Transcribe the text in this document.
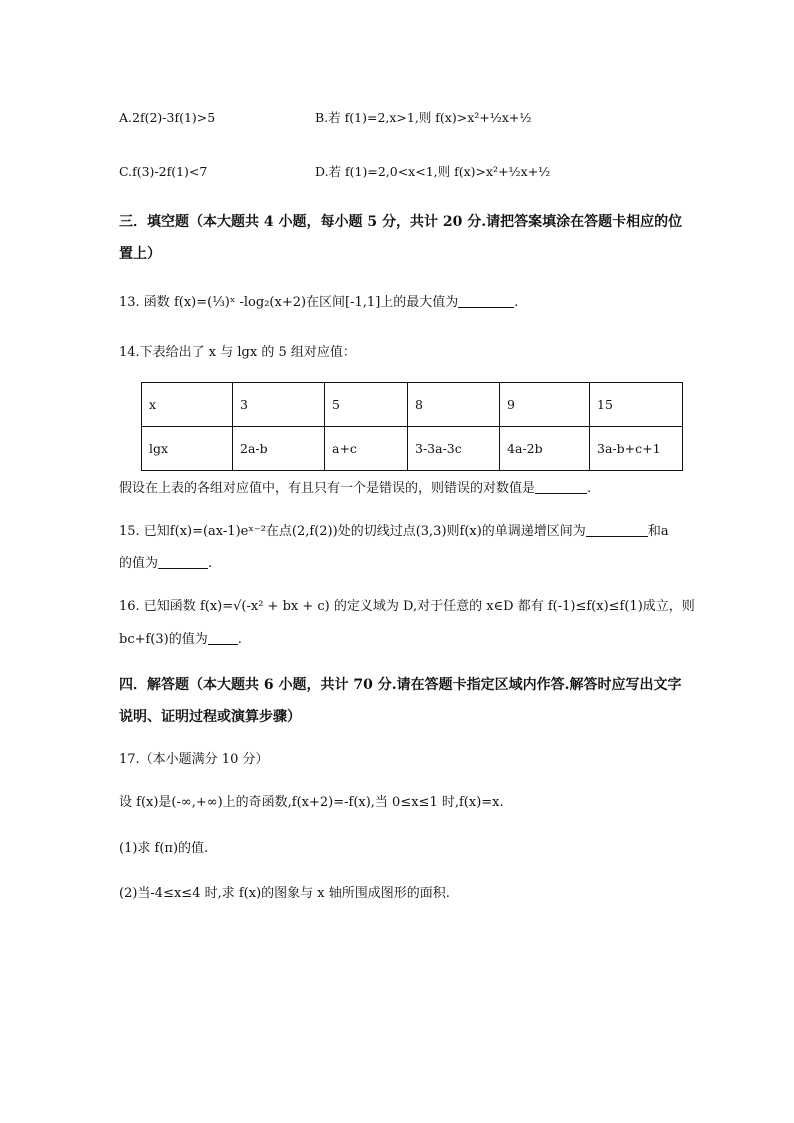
A.2f(2)-3f(1)>5	B.若 f(1)=2,x>1,则 f(x)>x²+½x+½
C.f(3)-2f(1)<7	D.若 f(1)=2,0<x<1,则 f(x)>x²+½x+½
三．填空题（本大题共 4 小题，每小题 5 分，共计 20 分.请把答案填涂在答题卡相应的位置上）
13. 函数 f(x)=(⅓)ˣ -log₂(x+2)在区间[-1,1]上的最大值为	.
14.下表给出了 x 与 lgx 的 5 组对应值：
x	3	5	8	9	15
lgx	2a-b	a+c	3-3a-3c	4a-2b	3a-b+c+1
假设在上表的各组对应值中，有且只有一个是错误的，则错误的对数值是	.
15. 已知f(x)=(ax-1)eˣ⁻²在点(2,f(2))处的切线过点(3,3)则f(x)的单调递增区间为	和a
的值为	.
16. 已知函数 f(x)=√(-x² + bx + c) 的定义域为 D,对于任意的 x∈D 都有 f(-1)≤f(x)≤f(1)成立，则
bc+f(3)的值为 .
四．解答题（本大题共 6 小题，共计 70 分.请在答题卡指定区域内作答.解答时应写出文字说明、证明过程或演算步骤）
17.（本小题满分 10 分）
设 f(x)是(-∞,+∞)上的奇函数,f(x+2)=-f(x),当 0≤x≤1 时,f(x)=x.
(1)求 f(π)的值.
(2)当-4≤x≤4 时,求 f(x)的图象与 x 轴所围成图形的面积.
